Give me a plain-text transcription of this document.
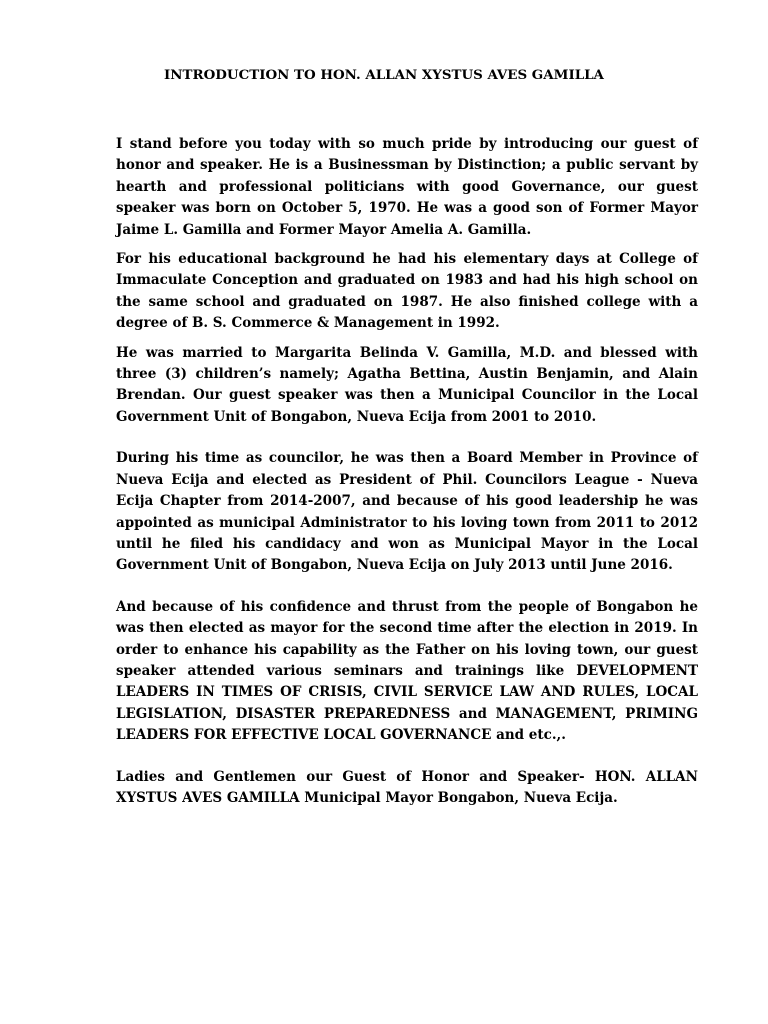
INTRODUCTION TO HON. ALLAN XYSTUS AVES GAMILLA

I stand before you today with so much pride by introducing our guest of honor and speaker. He is a Businessman by Distinction; a public servant by hearth and professional politicians with good Governance, our guest speaker was born on October 5, 1970. He was a good son of Former Mayor Jaime L. Gamilla and Former Mayor Amelia A. Gamilla.

For his educational background he had his elementary days at College of Immaculate Conception and graduated on 1983 and had his high school on the same school and graduated on 1987. He also finished college with a degree of B. S. Commerce & Management in 1992.

He was married to Margarita Belinda V. Gamilla, M.D. and blessed with three (3) children’s namely; Agatha Bettina, Austin Benjamin, and Alain Brendan. Our guest speaker was then a Municipal Councilor in the Local Government Unit of Bongabon, Nueva Ecija from 2001 to 2010.

During his time as councilor, he was then a Board Member in Province of Nueva Ecija and elected as President of Phil. Councilors League - Nueva Ecija Chapter from 2014-2007, and because of his good leadership he was appointed as municipal Administrator to his loving town from 2011 to 2012 until he filed his candidacy and won as Municipal Mayor in the Local Government Unit of Bongabon, Nueva Ecija on July 2013 until June 2016.

And because of his confidence and thrust from the people of Bongabon he was then elected as mayor for the second time after the election in 2019. In order to enhance his capability as the Father on his loving town, our guest speaker attended various seminars and trainings like DEVELOPMENT LEADERS IN TIMES OF CRISIS, CIVIL SERVICE LAW AND RULES, LOCAL LEGISLATION, DISASTER PREPAREDNESS and MANAGEMENT, PRIMING LEADERS FOR EFFECTIVE LOCAL GOVERNANCE and etc.,.

Ladies and Gentlemen our Guest of Honor and Speaker- HON. ALLAN XYSTUS AVES GAMILLA Municipal Mayor Bongabon, Nueva Ecija.
